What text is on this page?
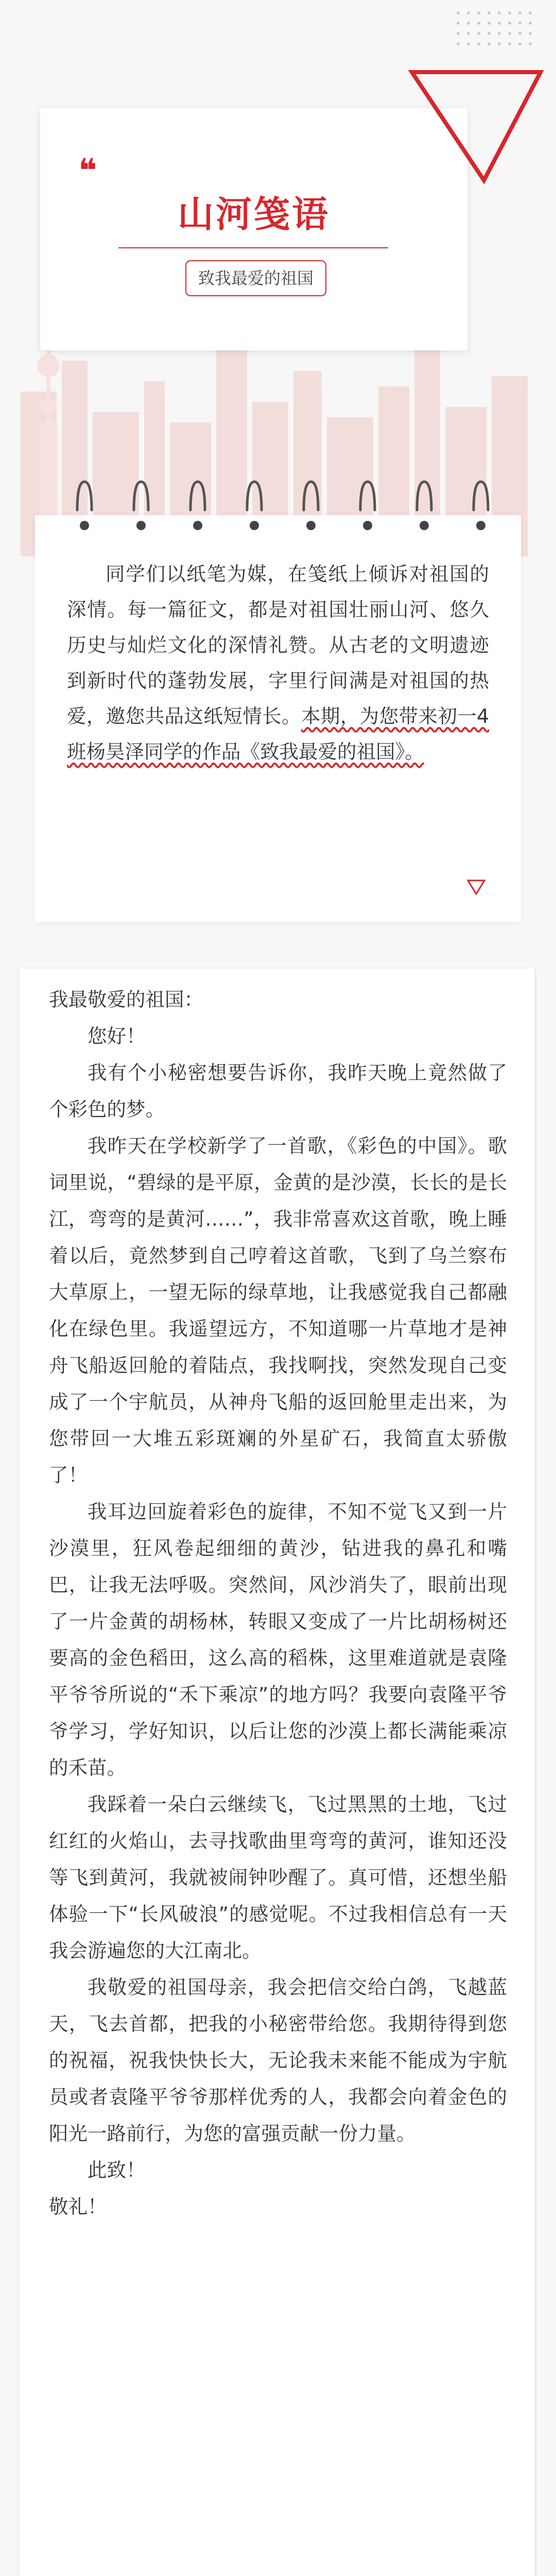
❛❛
山河笺语
致我最爱的祖国
同学们以纸笔为媒，在笺纸上倾诉对祖国的深情。每一篇征文，都是对祖国壮丽山河、悠久历史与灿烂文化的深情礼赞。从古老的文明遗迹到新时代的蓬勃发展，字里行间满是对祖国的热爱，邀您共品这纸短情长。本期，为您带来初一4班杨昊泽同学的作品《致我最爱的祖国》。

我最敬爱的祖国：

您好！

我有个小秘密想要告诉你，我昨天晚上竟然做了个彩色的梦。

我昨天在学校新学了一首歌，《彩色的中国》。歌词里说，“碧绿的是平原，金黄的是沙漠，长长的是长江，弯弯的是黄河……”，我非常喜欢这首歌，晚上睡着以后，竟然梦到自己哼着这首歌，飞到了乌兰察布大草原上，一望无际的绿草地，让我感觉我自己都融化在绿色里。我遥望远方，不知道哪一片草地才是神舟飞船返回舱的着陆点，我找啊找，突然发现自己变成了一个宇航员，从神舟飞船的返回舱里走出来，为您带回一大堆五彩斑斓的外星矿石，我简直太骄傲了！

我耳边回旋着彩色的旋律，不知不觉飞又到一片沙漠里，狂风卷起细细的黄沙，钻进我的鼻孔和嘴巴，让我无法呼吸。突然间，风沙消失了，眼前出现了一片金黄的胡杨林，转眼又变成了一片比胡杨树还要高的金色稻田，这么高的稻株，这里难道就是袁隆平爷爷所说的“禾下乘凉”的地方吗？我要向袁隆平爷爷学习，学好知识，以后让您的沙漠上都长满能乘凉的禾苗。

我踩着一朵白云继续飞，飞过黑黑的土地，飞过红红的火焰山，去寻找歌曲里弯弯的黄河，谁知还没等飞到黄河，我就被闹钟吵醒了。真可惜，还想坐船体验一下“长风破浪”的感觉呢。不过我相信总有一天我会游遍您的大江南北。

我敬爱的祖国母亲，我会把信交给白鸽，飞越蓝天，飞去首都，把我的小秘密带给您。我期待得到您的祝福，祝我快快长大，无论我未来能不能成为宇航员或者袁隆平爷爷那样优秀的人，我都会向着金色的阳光一路前行，为您的富强贡献一份力量。

此致！

敬礼！
